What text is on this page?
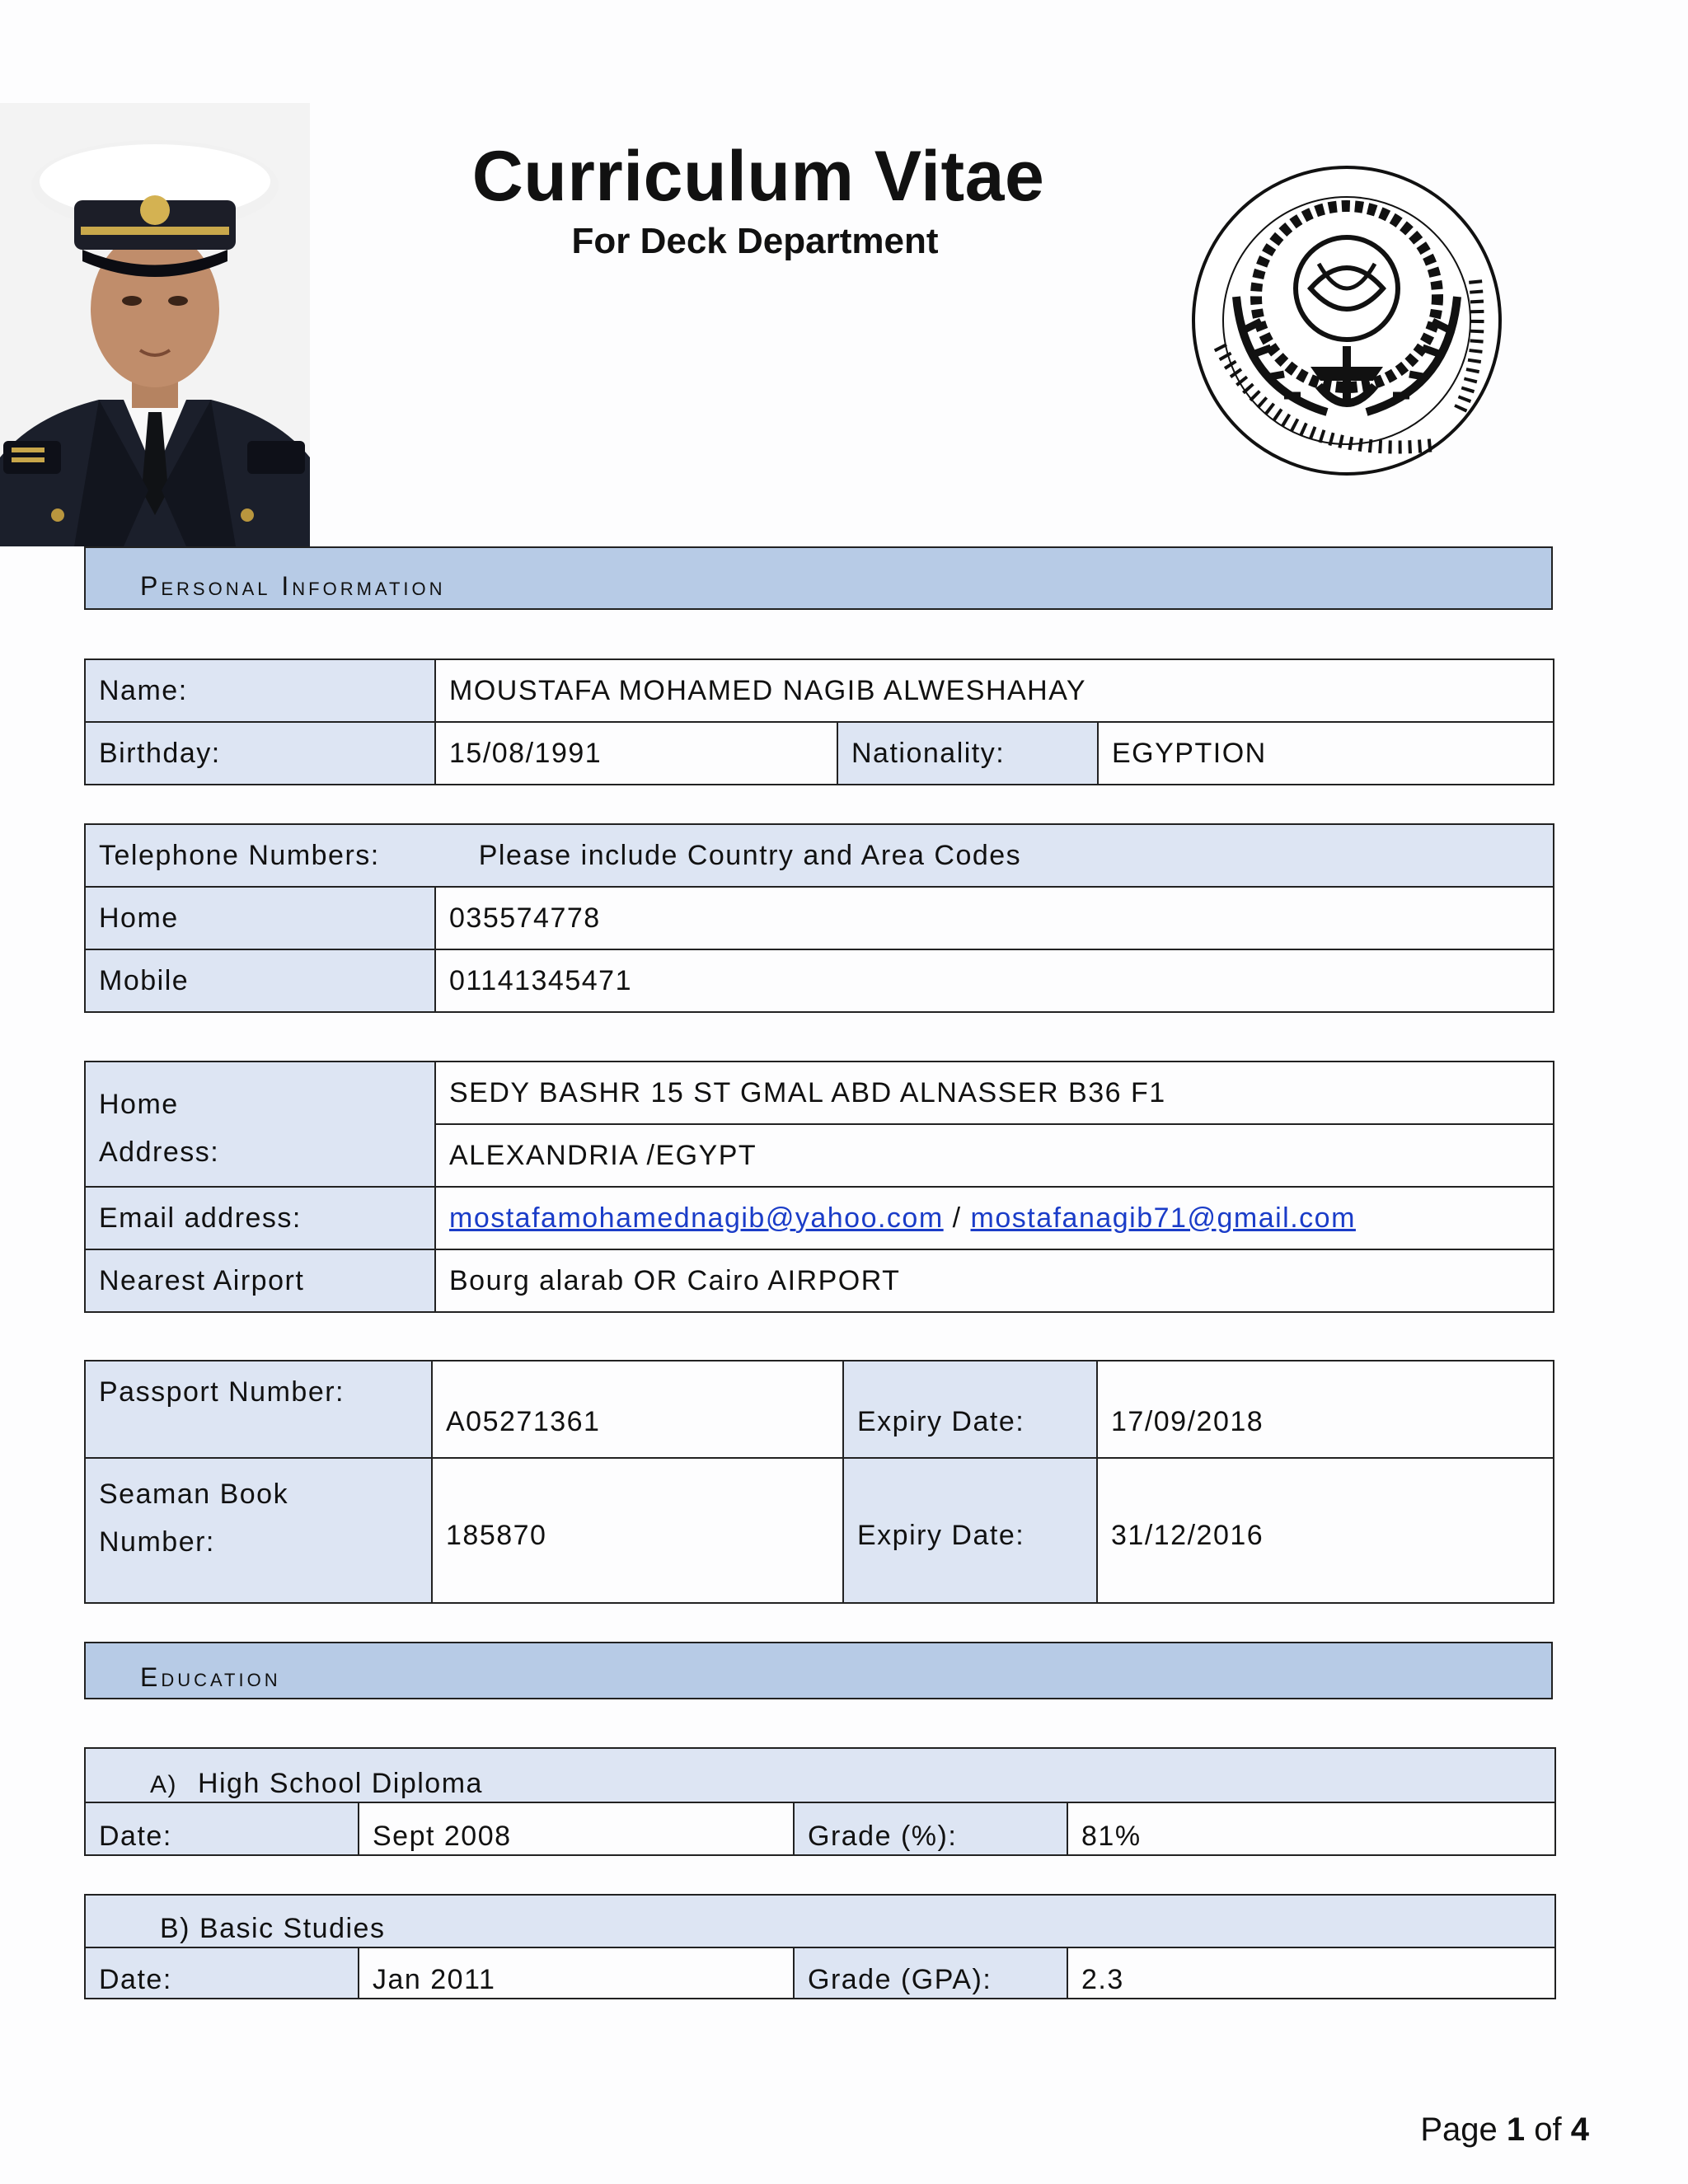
Curriculum Vitae
For Deck Department
Personal Information
Name:	MOUSTAFA MOHAMED NAGIB ALWESHAHAY		
Birthday:	15/08/1991	Nationality:	EGYPTION
Telephone Numbers: Please include Country and Area Codes	
Home	035574778
Mobile	01141345471
Home
Address:	SEDY BASHR 15 ST GMAL ABD ALNASSER B36 F1
	ALEXANDRIA /EGYPT
Email address:	mostafamohamednagib@yahoo.com / mostafanagib71@gmail.com
Nearest Airport	Bourg alarab OR Cairo AIRPORT
Passport Number:	A05271361	Expiry Date:	17/09/2018

Seaman Book
Number:	185870	Expiry Date:	31/12/2016
Education
A) High School Diploma
Date:	Sept 2008	Grade (%):	81%
B) Basic Studies
Date:	Jan 2011	Grade (GPA):	2.3
Page 1 of 4
